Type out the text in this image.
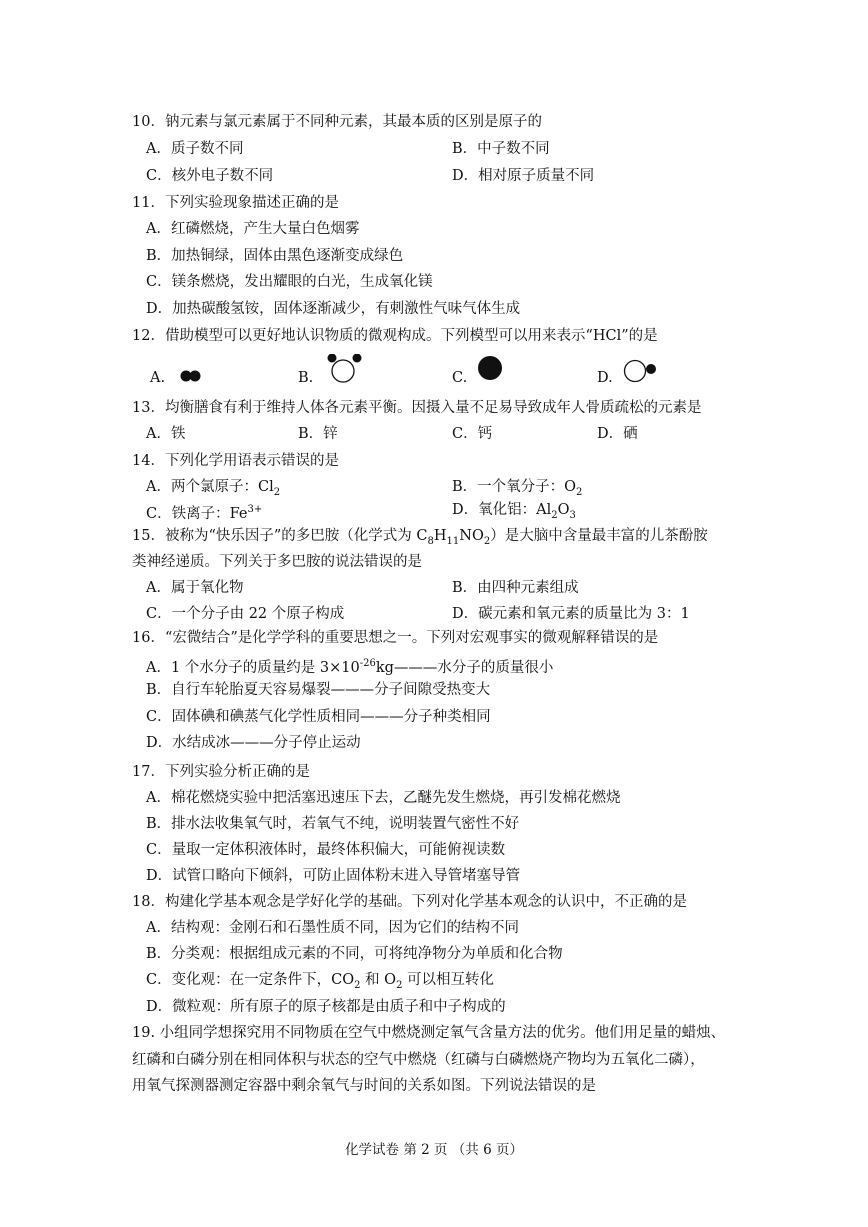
10．钠元素与氯元素属于不同种元素，其最本质的区别是原子的
A．质子数不同	B．中子数不同
C．核外电子数不同	D．相对原子质量不同
11．下列实验现象描述正确的是
A．红磷燃烧，产生大量白色烟雾
B．加热铜绿，固体由黑色逐渐变成绿色
C．镁条燃烧，发出耀眼的白光，生成氧化镁
D．加热碳酸氢铵，固体逐渐减少，有刺激性气味气体生成
12．借助模型可以更好地认识物质的微观构成。下列模型可以用来表示“HCl”的是
A.	B.	C.	D.
13．均衡膳食有利于维持人体各元素平衡。因摄入量不足易导致成年人骨质疏松的元素是
A．铁	B．锌	C．钙	D．硒
14．下列化学用语表示错误的是
A．两个氯原子：$Cl_2$	B．一个氧分子：$O_2$
C．铁离子：$Fe^{3+}$	D．氧化铝：$Al_2O_3$
15．被称为“快乐因子”的多巴胺（化学式为 $C_8H_{11}NO_2$）是大脑中含量最丰富的儿茶酚胺
类神经递质。下列关于多巴胺的说法错误的是
A．属于氧化物	B．由四种元素组成
C．一个分子由 22 个原子构成	D．碳元素和氧元素的质量比为 3：1
16．“宏微结合”是化学学科的重要思想之一。下列对宏观事实的微观解释错误的是
A．1 个水分子的质量约是 $3\times 10^{-26}kg———$水分子的质量很小
B．自行车轮胎夏天容易爆裂———分子间隙受热变大
C．固体碘和碘蒸气化学性质相同———分子种类相同
D．水结成冰———分子停止运动
17．下列实验分析正确的是
A．棉花燃烧实验中把活塞迅速压下去，乙醚先发生燃烧，再引发棉花燃烧
B．排水法收集氧气时，若氧气不纯，说明装置气密性不好
C．量取一定体积液体时，最终体积偏大，可能俯视读数
D．试管口略向下倾斜，可防止固体粉末进入导管堵塞导管
18．构建化学基本观念是学好化学的基础。下列对化学基本观念的认识中，不正确的是
A．结构观：金刚石和石墨性质不同，因为它们的结构不同
B．分类观：根据组成元素的不同，可将纯净物分为单质和化合物
C．变化观：在一定条件下，$CO_2$ 和 $O_2$ 可以相互转化
D．微粒观：所有原子的原子核都是由质子和中子构成的
19. 小组同学想探究用不同物质在空气中燃烧测定氧气含量方法的优劣。他们用足量的蜡烛、
红磷和白磷分别在相同体积与状态的空气中燃烧（红磷与白磷燃烧产物均为五氧化二磷），
用氧气探测器测定容器中剩余氧气与时间的关系如图。下列说法错误的是
化学试卷 第 2 页 （共 6 页）
